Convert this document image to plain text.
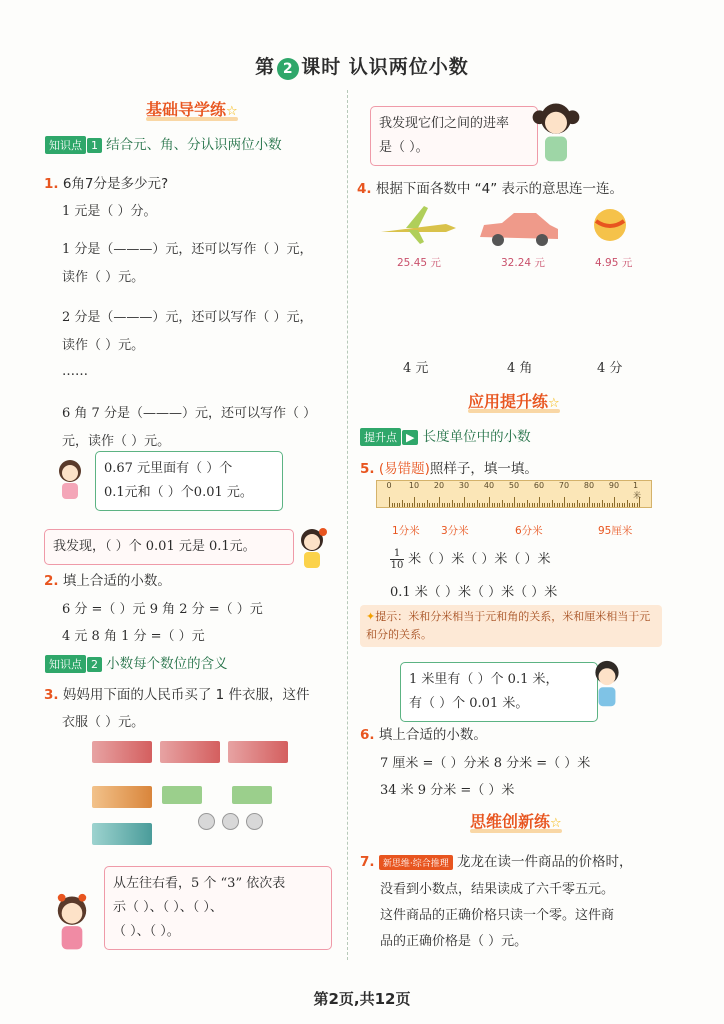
第 2 课时 认识两位小数
基础导学练☆
知识点 1 结合元、角、分认识两位小数
1. 6角7分是多少元?
1 元是（ ）分。
1 分是（———）元，还可以写作（ ）元，
读作（ ）元。
2 分是（———）元，还可以写作（ ）元，
读作（ ）元。
……
6 角 7 分是（———）元，还可以写作（ ）
元，读作（ ）元。
0.67 元里面有（ ）个
0.1元和（ ）个0.01 元。
我发现，（ ）个 0.01 元是 0.1元。
2. 填上合适的小数。
6 分 =（ ）元 9 角 2 分 =（ ）元
4 元 8 角 1 分 =（ ）元
知识点 2 小数每个数位的含义
3. 妈妈用下面的人民币买了 1 件衣服，这件
衣服（ ）元。
从左往右看，5 个 “3” 依次表
示（ ）、（ ）、（ ）、
（ ）、（ ）。
我发现它们之间的进率
是（ ）。
4. 根据下面各数中 “4” 表示的意思连一连。
25.45 元	32.24 元	4.95 元
4 元	4 角	4 分
应用提升练☆
提升点 ▶ 长度单位中的小数
5. (易错题)照样子，填一填。
0 10 20 30 40 50 60 70 80 90 1米
1分米 3分米	6分米	95厘米
$\frac{1}{10}$ 米（ ）米（ ）米（ ）米
0.1 米（ ）米（ ）米（ ）米
✦提示：米和分米相当于元和角的关系，米和厘米相当于元和分的关系。
1 米里有（ ）个 0.1 米，
有（ ）个 0.01 米。
6. 填上合适的小数。
7 厘米 =（ ）分米 8 分米 =（ ）米
34 米 9 分米 =（ ）米
思维创新练☆
7. 新思维·综合推理 龙龙在读一件商品的价格时，
没看到小数点，结果读成了六千零五元。
这件商品的正确价格只读一个零。这件商
品的正确价格是（ ）元。
第2页,共12页
